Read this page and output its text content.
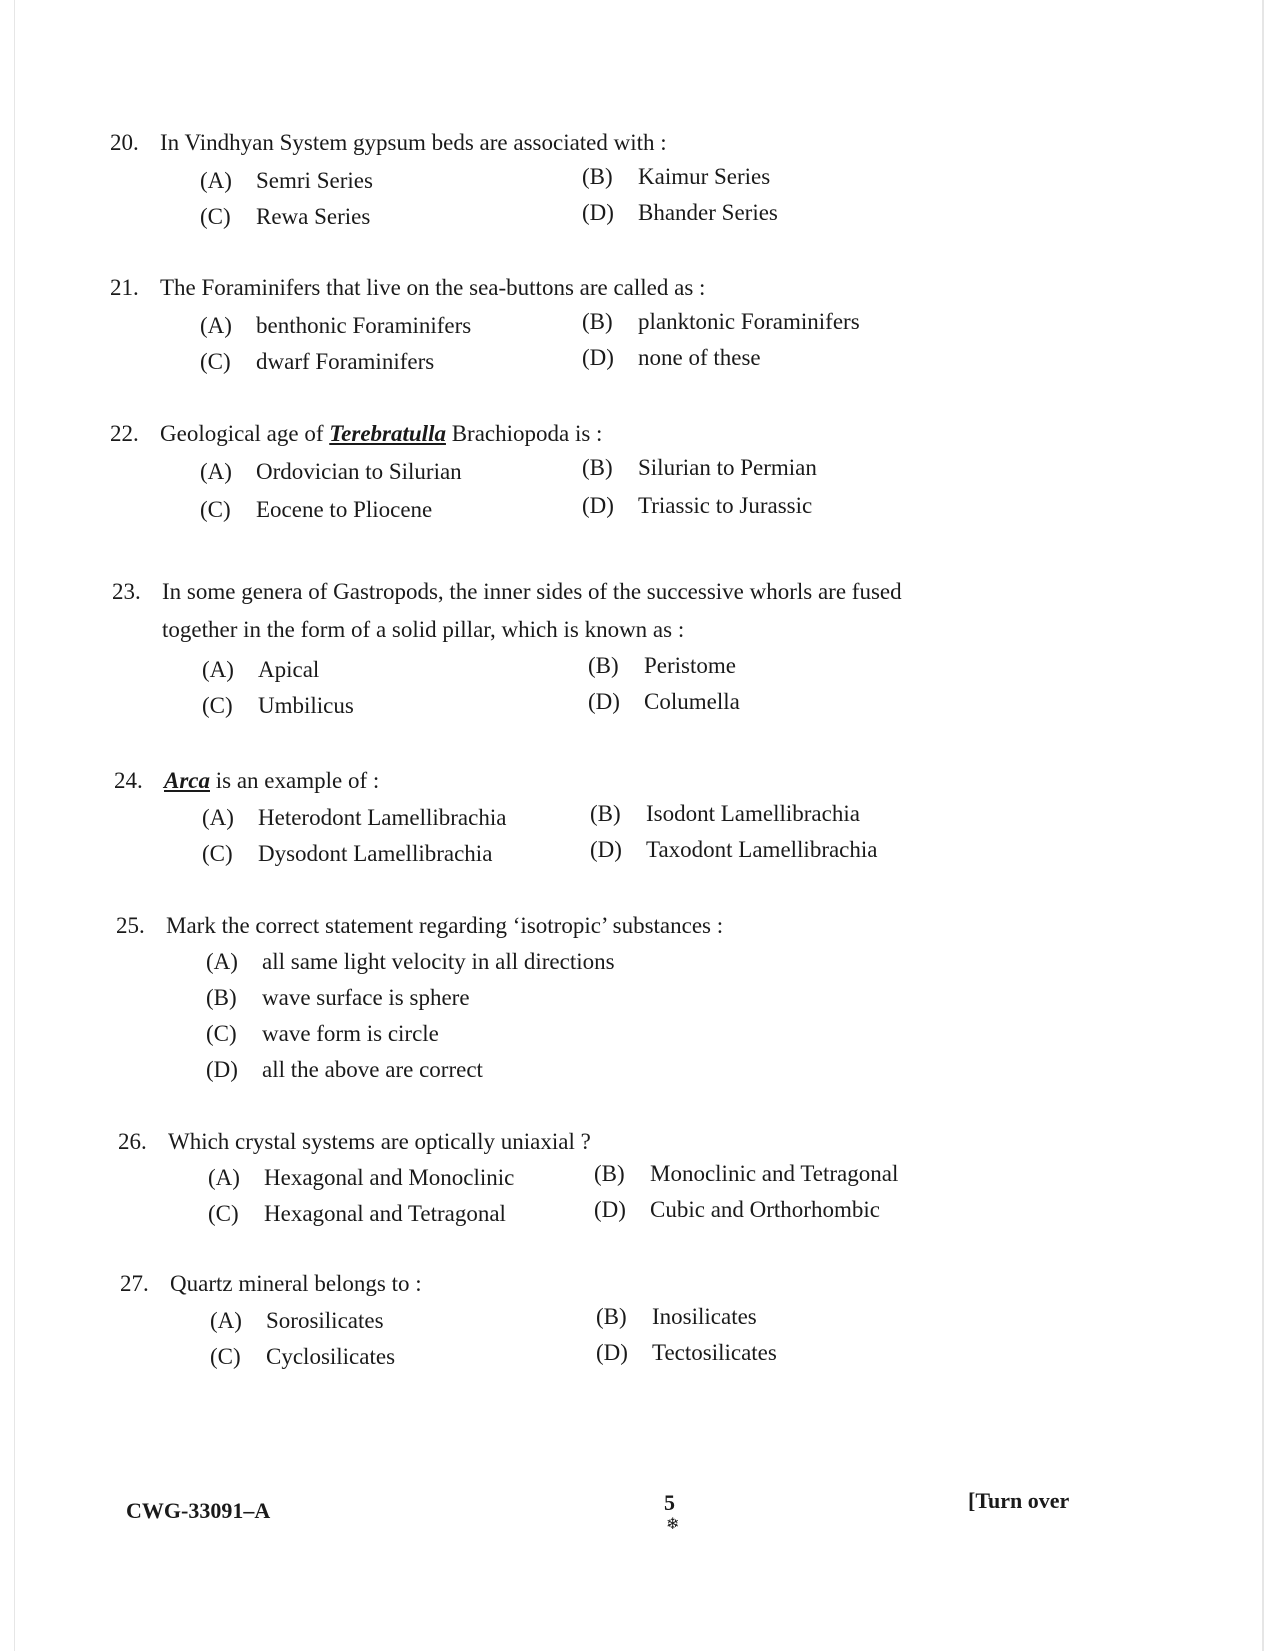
20. In Vindhyan System gypsum beds are associated with :
(A) Semri Series	(B) Kaimur Series
(C) Rewa Series	(D) Bhander Series
21. The Foraminifers that live on the sea-buttons are called as :
(A) benthonic Foraminifers	(B) planktonic Foraminifers
(C) dwarf Foraminifers	(D) none of these
22. Geological age of Terebratulla Brachiopoda is :
(A) Ordovician to Silurian	(B) Silurian to Permian
(C) Eocene to Pliocene	(D) Triassic to Jurassic
23. In some genera of Gastropods, the inner sides of the successive whorls are fused
together in the form of a solid pillar, which is known as :
(A) Apical	(B) Peristome
(C) Umbilicus	(D) Columella
24. Arca is an example of :
(A) Heterodont Lamellibrachia	(B) Isodont Lamellibrachia
(C) Dysodont Lamellibrachia	(D) Taxodont Lamellibrachia
25. Mark the correct statement regarding ‘isotropic’ substances :
(A) all same light velocity in all directions
(B) wave surface is sphere
(C) wave form is circle
(D) all the above are correct
26. Which crystal systems are optically uniaxial ?
(A) Hexagonal and Monoclinic	(B) Monoclinic and Tetragonal
(C) Hexagonal and Tetragonal	(D) Cubic and Orthorhombic
27. Quartz mineral belongs to :
(A) Sorosilicates	(B) Inosilicates
(C) Cyclosilicates	(D) Tectosilicates
CWG-33091–A	5
❄
[Turn over
